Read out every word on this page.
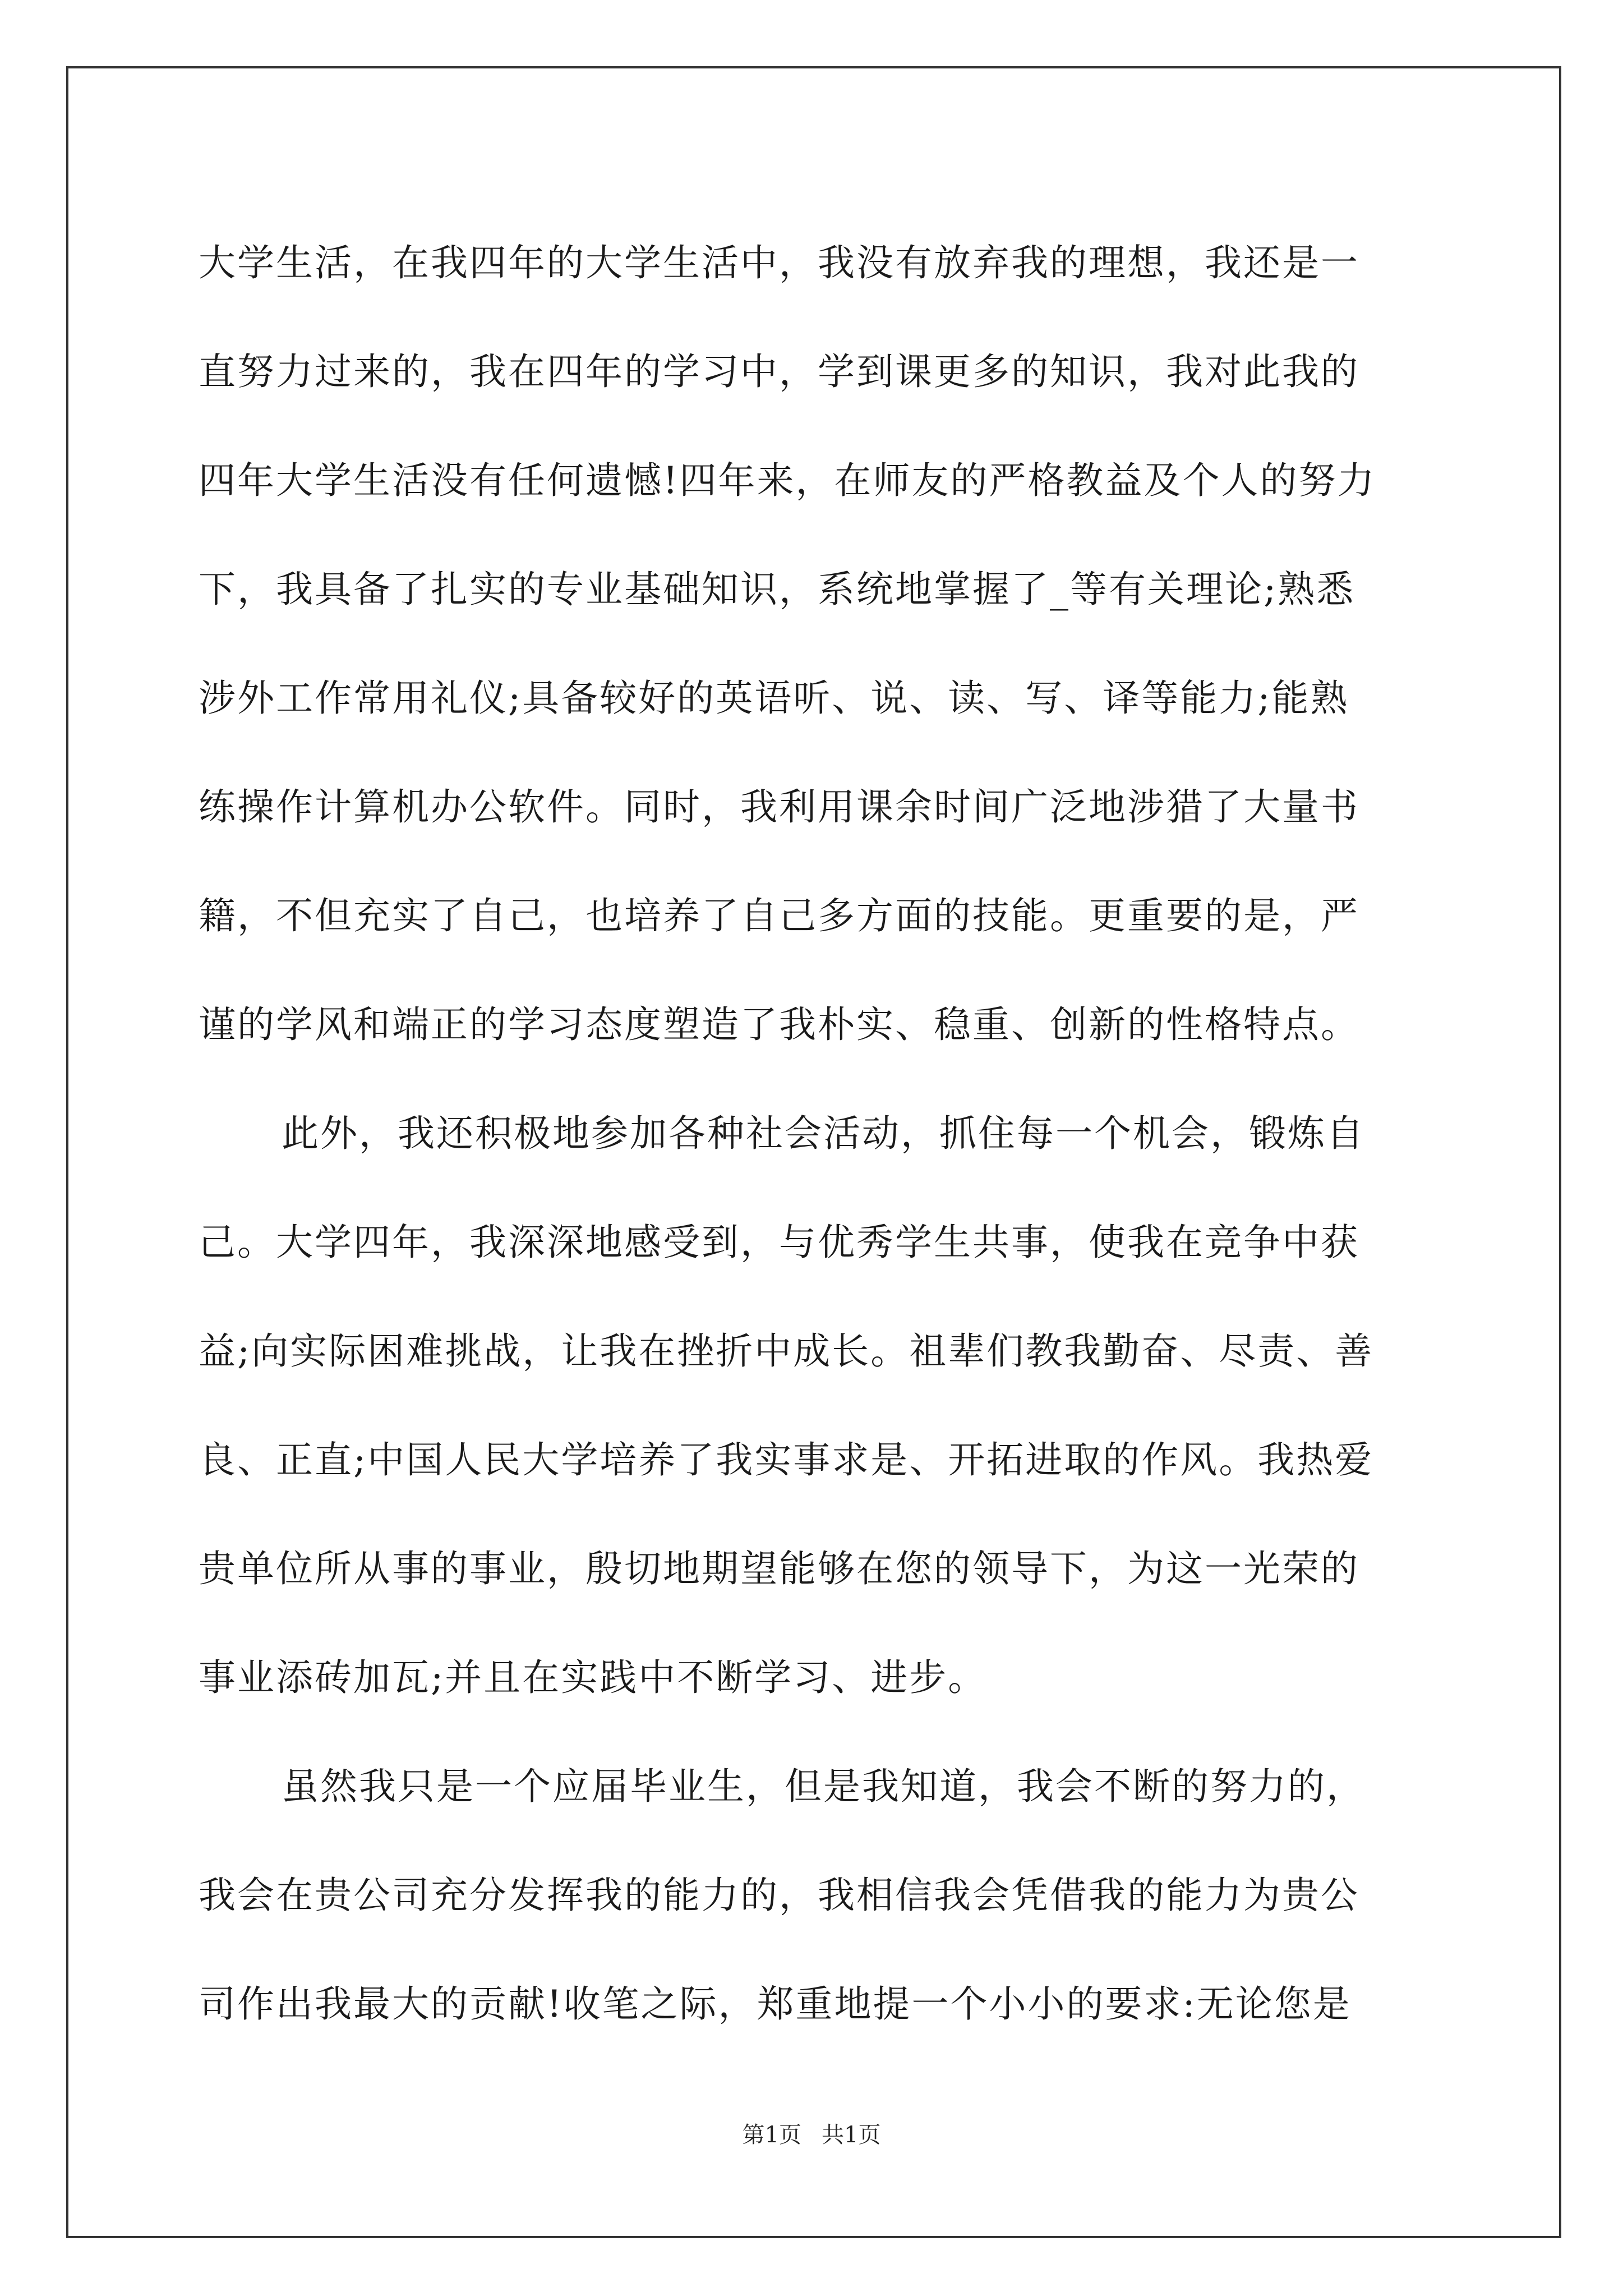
大学生活，在我四年的大学生活中，我没有放弃我的理想，我还是一
直努力过来的，我在四年的学习中，学到课更多的知识，我对此我的
四年大学生活没有任何遗憾!四年来，在师友的严格教益及个人的努力
下，我具备了扎实的专业基础知识，系统地掌握了_等有关理论;熟悉
涉外工作常用礼仪;具备较好的英语听、说、读、写、译等能力;能熟
练操作计算机办公软件。同时，我利用课余时间广泛地涉猎了大量书
籍，不但充实了自己，也培养了自己多方面的技能。更重要的是，严
谨的学风和端正的学习态度塑造了我朴实、稳重、创新的性格特点。
此外，我还积极地参加各种社会活动，抓住每一个机会，锻炼自
己。大学四年，我深深地感受到，与优秀学生共事，使我在竞争中获
益;向实际困难挑战，让我在挫折中成长。祖辈们教我勤奋、尽责、善
良、正直;中国人民大学培养了我实事求是、开拓进取的作风。我热爱
贵单位所从事的事业，殷切地期望能够在您的领导下，为这一光荣的
事业添砖加瓦;并且在实践中不断学习、进步。
虽然我只是一个应届毕业生，但是我知道，我会不断的努力的，
我会在贵公司充分发挥我的能力的，我相信我会凭借我的能力为贵公
司作出我最大的贡献!收笔之际，郑重地提一个小小的要求:无论您是
第1页 共1页
